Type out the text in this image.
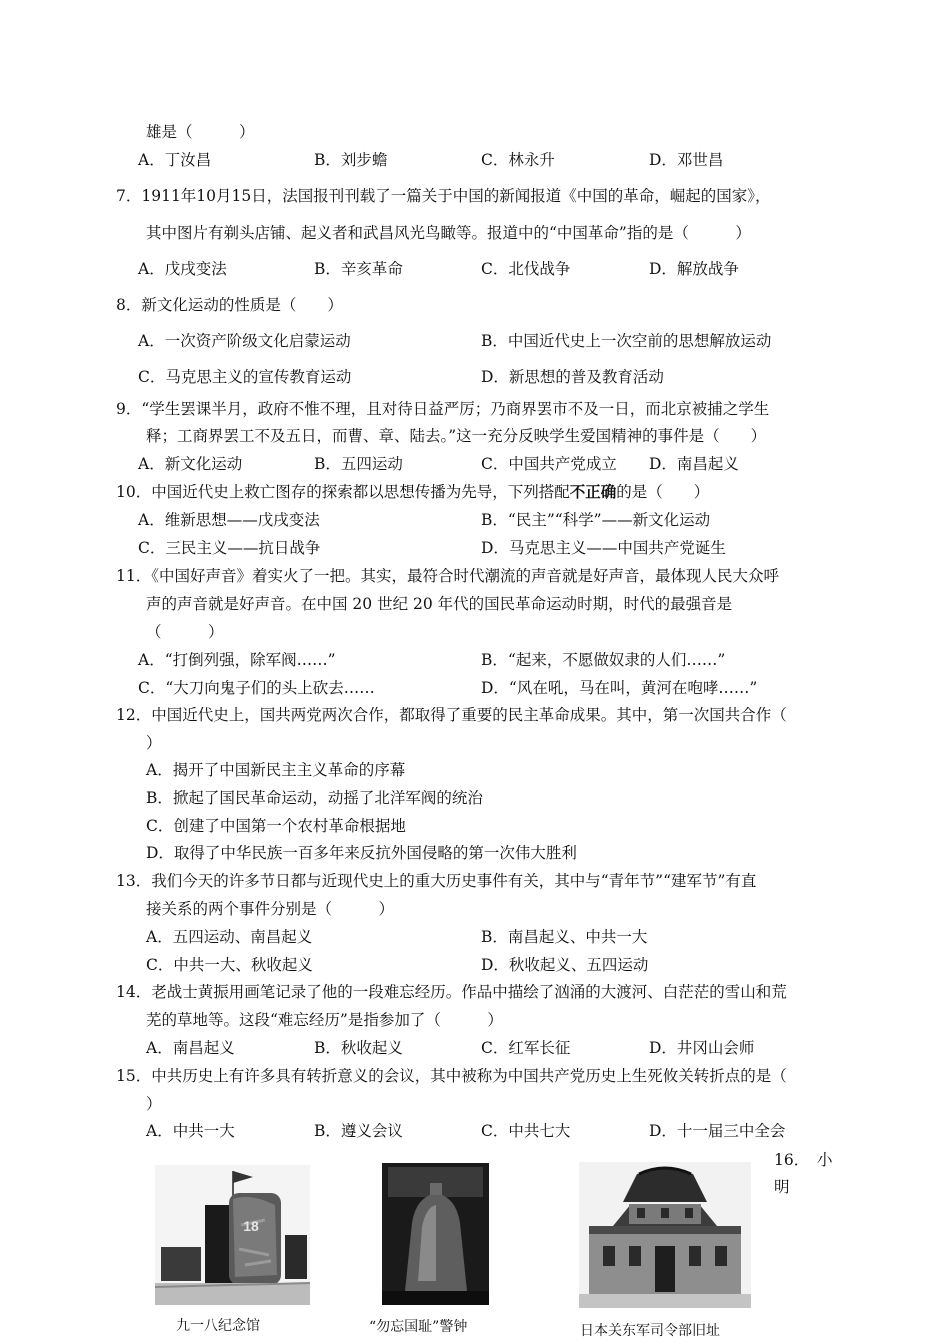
雄是（　　　）
A．丁汝昌	B．刘步蟾	C．林永升	D．邓世昌
7．1911年10月15日，法国报刊刊载了一篇关于中国的新闻报道《中国的革命，崛起的国家》，
其中图片有剃头店铺、起义者和武昌风光鸟瞰等。报道中的“中国革命”指的是（　　　）
A．戊戌变法	B．辛亥革命	C．北伐战争	D．解放战争
8．新文化运动的性质是（　　）
A．一次资产阶级文化启蒙运动	B．中国近代史上一次空前的思想解放运动
C．马克思主义的宣传教育运动	D．新思想的普及教育活动
9．“学生罢课半月，政府不惟不理，且对待日益严厉；乃商界罢市不及一日，而北京被捕之学生
释；工商界罢工不及五日，而曹、章、陆去。”这一充分反映学生爱国精神的事件是（　　）
A．新文化运动	B．五四运动	C．中国共产党成立 D．南昌起义
10．中国近代史上救亡图存的探索都以思想传播为先导，下列搭配不正确的是（　　）
A．维新思想——戊戌变法	B．“民主”“科学”——新文化运动
C．三民主义——抗日战争	D．马克思主义——中国共产党诞生
11．《中国好声音》着实火了一把。其实，最符合时代潮流的声音就是好声音，最体现人民大众呼
声的声音就是好声音。在中国 20 世纪 20 年代的国民革命运动时期，时代的最强音是
（　　　）
A．“打倒列强，除军阀……”	B．“起来，不愿做奴隶的人们……”
C．“大刀向鬼子们的头上砍去……	D．“风在吼，马在叫，黄河在咆哮……”
12．中国近代史上，国共两党两次合作，都取得了重要的民主革命成果。其中，第一次国共合作（
）
A．揭开了中国新民主主义革命的序幕
B．掀起了国民革命运动，动摇了北洋军阀的统治
C．创建了中国第一个农村革命根据地
D．取得了中华民族一百多年来反抗外国侵略的第一次伟大胜利
13．我们今天的许多节日都与近现代史上的重大历史事件有关，其中与“青年节”“建军节”有直
接关系的两个事件分别是（　　　）
A．五四运动、南昌起义	B．南昌起义、中共一大
C．中共一大、秋收起义	D．秋收起义、五四运动
14．老战士黄振用画笔记录了他的一段难忘经历。作品中描绘了汹涌的大渡河、白茫茫的雪山和荒
芜的草地等。这段“难忘经历”是指参加了（　　　）
A．南昌起义	B．秋收起义	C．红军长征	D．井冈山会师
15．中共历史上有许多具有转折意义的会议，其中被称为中国共产党历史上生死攸关转折点的是（
）
A．中共一大	B．遵义会议	C．中共七大	D．十一届三中全会
16．　小
明
18
九一八纪念馆	“勿忘国耻”警钟	日本关东军司令部旧址
